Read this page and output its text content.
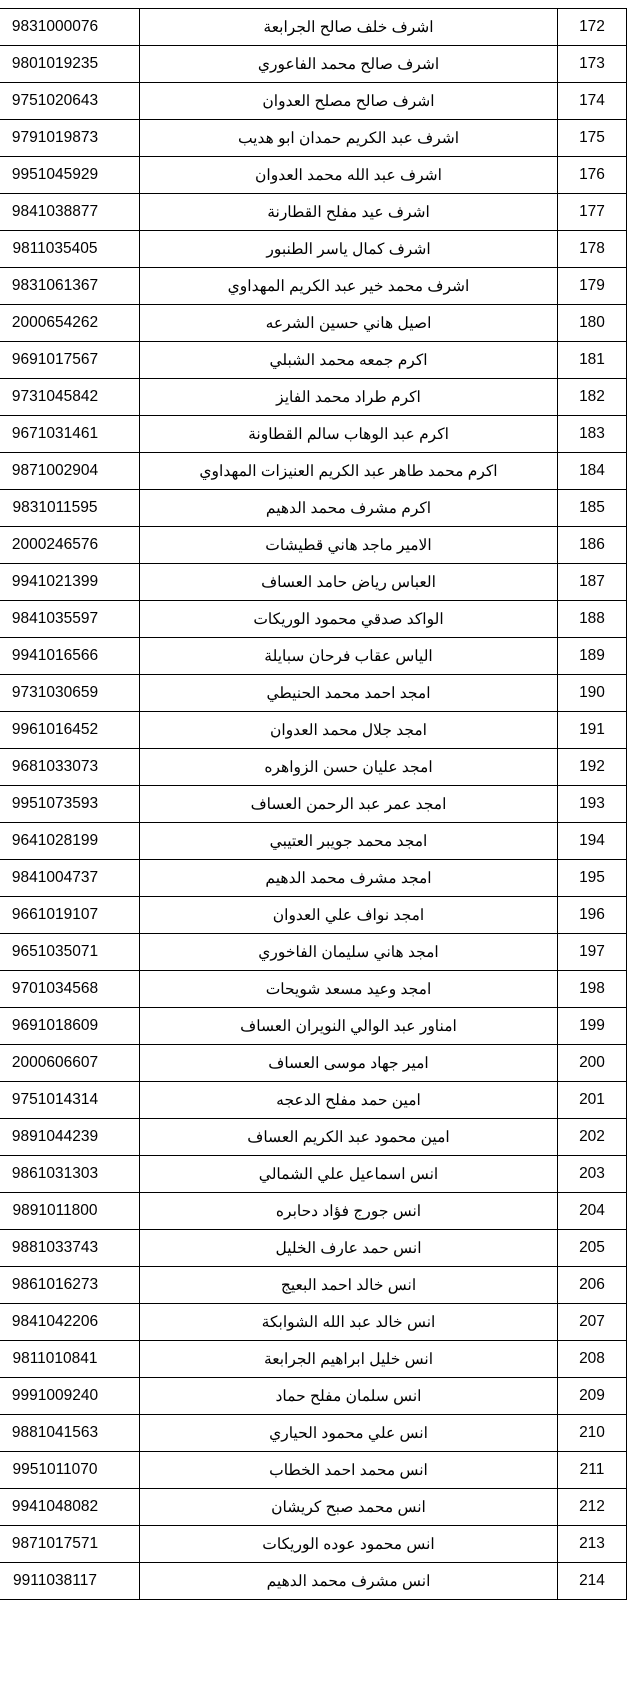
172	اشرف خلف صالح الجرابعة	9831000076
173	اشرف صالح محمد الفاعوري	9801019235
174	اشرف صالح مصلح العدوان	9751020643
175	اشرف عبد الكريم حمدان ابو هديب	9791019873
176	اشرف عبد الله محمد العدوان	9951045929
177	اشرف عيد مفلح القطارنة	9841038877
178	اشرف كمال ياسر الطنبور	9811035405
179	اشرف محمد خير عبد الكريم المهداوي	9831061367
180	اصيل هاني حسين الشرعه	2000654262
181	اكرم جمعه محمد الشبلي	9691017567
182	اكرم طراد محمد الفايز	9731045842
183	اكرم عبد الوهاب سالم القطاونة	9671031461
184	اكرم محمد طاهر عبد الكريم العنيزات المهداوي	9871002904
185	اكرم مشرف محمد الدهيم	9831011595
186	الامير ماجد هاني قطيشات	2000246576
187	العباس رياض حامد العساف	9941021399
188	الواكد صدقي محمود الوريكات	9841035597
189	الياس عقاب فرحان سبايلة	9941016566
190	امجد احمد محمد الحنيطي	9731030659
191	امجد جلال محمد العدوان	9961016452
192	امجد عليان حسن الزواهره	9681033073
193	امجد عمر عبد الرحمن العساف	9951073593
194	امجد محمد جويبر العتيبي	9641028199
195	امجد مشرف محمد الدهيم	9841004737
196	امجد نواف علي العدوان	9661019107
197	امجد هاني سليمان الفاخوري	9651035071
198	امجد وعيد مسعد شويحات	9701034568
199	امناور عبد الوالي النويران العساف	9691018609
200	امير جهاد موسى العساف	2000606607
201	امين حمد مفلح الدعجه	9751014314
202	امين محمود عبد الكريم العساف	9891044239
203	انس اسماعيل علي الشمالي	9861031303
204	انس جورج فؤاد دحابره	9891011800
205	انس حمد عارف الخليل	9881033743
206	انس خالد احمد البعيج	9861016273
207	انس خالد عبد الله الشوابكة	9841042206
208	انس خليل ابراهيم الجرابعة	9811010841
209	انس سلمان مفلح حماد	9991009240
210	انس علي محمود الحياري	9881041563
211	انس محمد احمد الخطاب	9951011070
212	انس محمد صبح كريشان	9941048082
213	انس محمود عوده الوريكات	9871017571
214	انس مشرف محمد الدهيم	9911038117
